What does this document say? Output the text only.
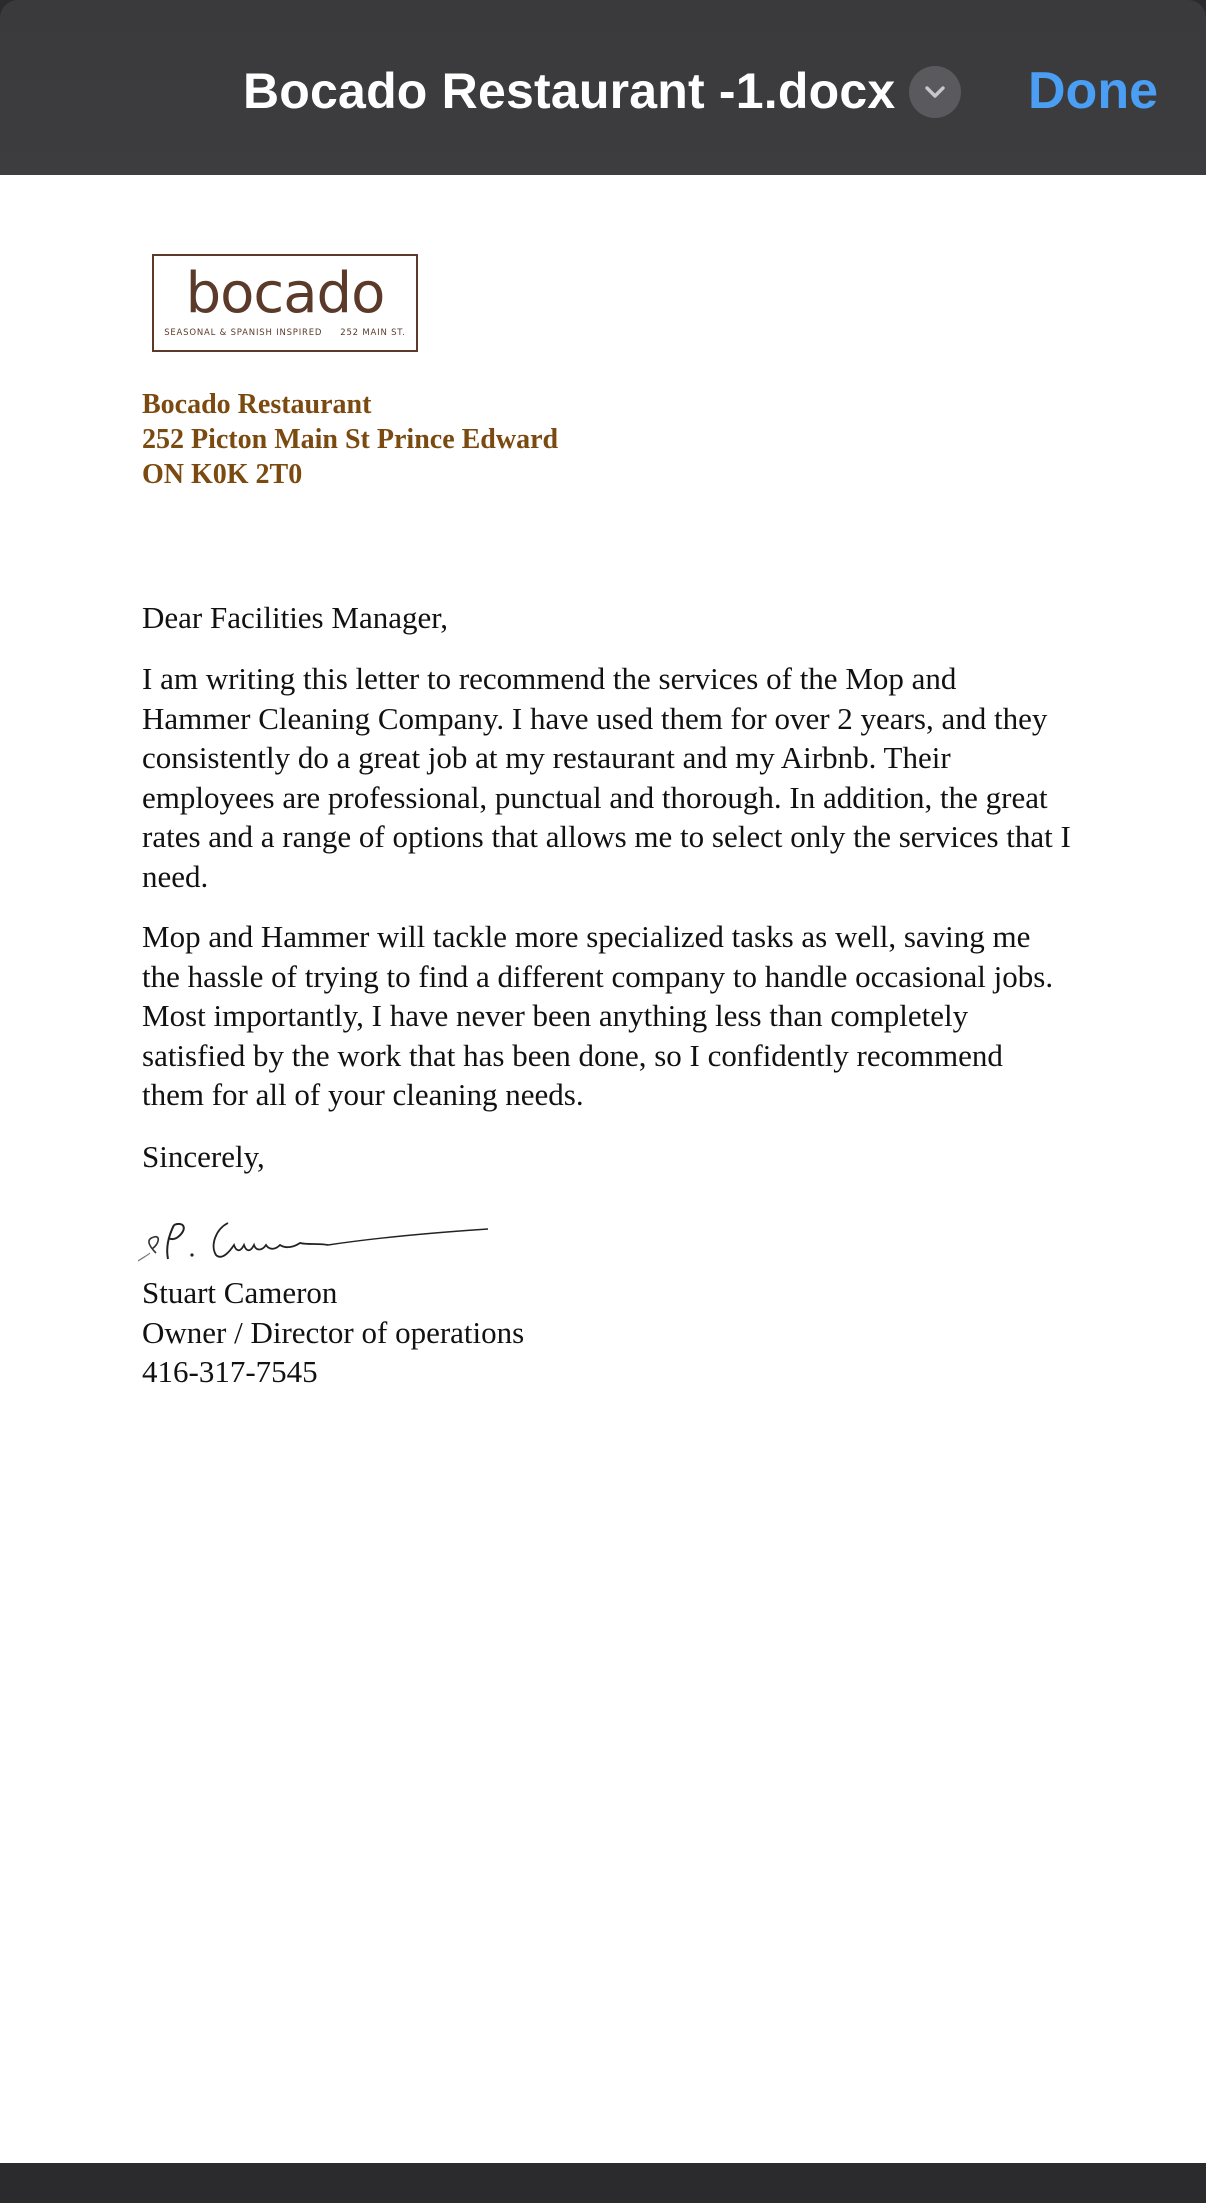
Bocado Restaurant -1.docx	Done
bocado
SEASONAL & SPANISH INSPIRED 252 MAIN ST.
Bocado Restaurant
252 Picton Main St Prince Edward
ON K0K 2T0
Dear Facilities Manager,
I am writing this letter to recommend the services of the Mop and Hammer Cleaning Company. I have used them for over 2 years, and they consistently do a great job at my restaurant and my Airbnb. Their employees are professional, punctual and thorough. In addition, the great rates and a range of options that allows me to select only the services that I need.
Mop and Hammer will tackle more specialized tasks as well, saving me the hassle of trying to find a different company to handle occasional jobs. Most importantly, I have never been anything less than completely satisfied by the work that has been done, so I confidently recommend them for all of your cleaning needs.
Sincerely,
Stuart Cameron
Owner / Director of operations
416-317-7545
